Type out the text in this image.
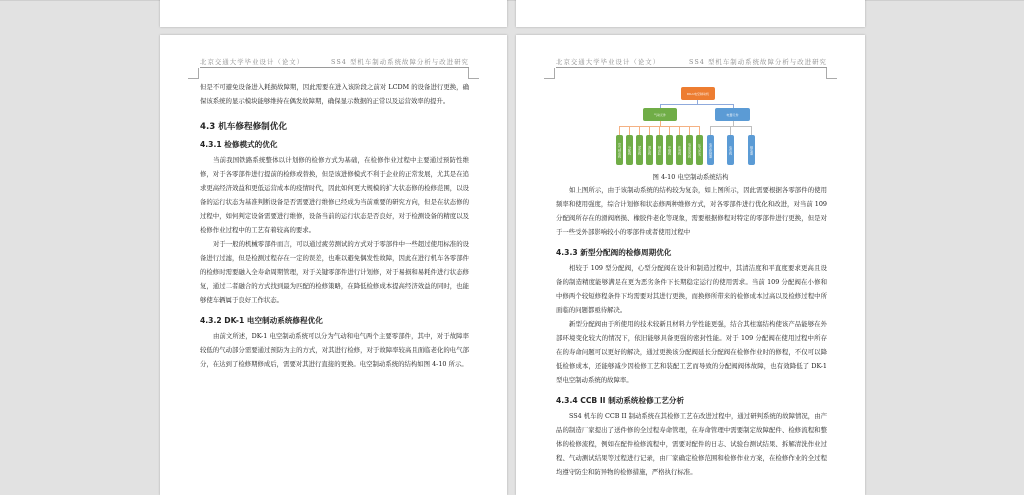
北京交通大学毕业设计（论文）	SS4 型机车制动系统故障分析与改进研究

但是不可避免设备进入耗损故障期，因此需要在进入该阶段之前对 LCDM 的设备进行更换，确保该系统的显示模块能够维持在偶发故障期，确保显示数据的正常以及运营效率的提升。

4.3 机车修程修制优化
4.3.1 检修模式的优化

当前我国铁路系统整体以计划修的检修方式为基础，在检修作业过程中主要通过预防性维修，对于各零部件进行提前的检修或替换，但是该进修模式不利于企业的正常发展，尤其是在追求更高经济效益和更低运营成本的疫情时代，因此如何更大规模的扩大状态修的检修范围，以设备的运行状态为基准判断设备是否需要进行维修已经成为当前重要的研究方向，但是在状态修的过程中，如何判定设备需要进行维修，设备当前的运行状态是否良好，对于检测设备的精度以及检修作业过程中的工艺有着较高的要求。

对于一般的机械零部件而言，可以通过疲劳测试的方式对于零部件中一些超过使用标准的设备进行过滤，但是检测过程存在一定的误差，也难以避免偶发性故障，因此在进行机车各零部件的检修时需要融入全寿命周期管理，对于关键零部件进行计划修，对于易损和易耗件进行状态修复，通过二者融合的方式找到最为匹配的检修策略，在降低检修成本提高经济效益的同时，也能够使车辆属于良好工作状态。

4.3.2 DK-1 电空制动系统修程优化

由前文所述，DK-1 电空制动系统可以分为气动和电气两个主要零部件，其中，对于故障率较低的气动部分需要通过预防为主的方式，对其进行检修，对于故障率较高且面临老化的电气部分，在达到了检修期修成后，需要对其进行直接的更换。电空制动系统的结构如图 4-10 所示。

北京交通大学毕业设计（论文）	SS4 型机车制动系统故障分析与改进研究
DK-1电空制动机
气动元件	电器元件
空气制动阀	分配阀	紧急阀	调压阀	制动缸	中继阀	作用阀	电动放风阀	压力开关	电空控制器	电空阀	继电器
图 4-10 电空制动系统结构

如上图所示，由于该制动系统的结构较为复杂，如上图所示，因此需要根据各零部件的使用频率和使用强度，综合计划修和状态修两种维修方式，对各零部件进行优化和改进，对当前 109 分配阀所存在的滑阀磨损、橡胶件老化等现象，需要根据修程对特定的零部件进行更换，但是对于一些受外部影响较小的零部件或者使用过程中

4.3.3 新型分配阀的检修周期优化

相较于 109 型分配阀，心型分配阀在设计和制造过程中，其清洁度和平直度要求更高且设备的制造精度能够满足在更为恶劣条件下长期稳定运行的使用需求。当前 109 分配阀在小修和中修两个较短修程条件下均需要对其进行更换，而换修所带来的检修成本过高以及检修过程中所面临的问题都亟待解决。

新型分配阀由于所使用的技术较新且材料力学性能更强，结合其柱塞结构使该产品能够在外部环境变化较大的情况下，依旧能够具备更强的密封性能。对于 109 分配阀在使用过程中所存在的寿命问题可以更好的解决，通过更换该分配阀延长分配阀在检修作业时的修程，不仅可以降低检修成本，还能够减少因检修工艺和装配工艺而导致的分配阀阀体故障，也有效降低了 DK-1 型电空制动系统的故障率。

4.3.4 CCB II 制动系统检修工艺分析

SS4 机车的 CCB II 制动系统在其检修工艺在改进过程中，通过研判系统的故障情况，由产品的制造厂家提出了送件修的全过程寿命管理，在寿命管理中需要制定故障配件、检修流程和整体的检修流程，例如在配件检修流程中，需要对配件的日志、试验台测试结果、拆解清洗作业过程、气动测试结果等过程进行记录，由厂家确定检修范围和检修作业方案，在检修作业的全过程均遵守防尘和防异物的检修措施，严格执行标准。
